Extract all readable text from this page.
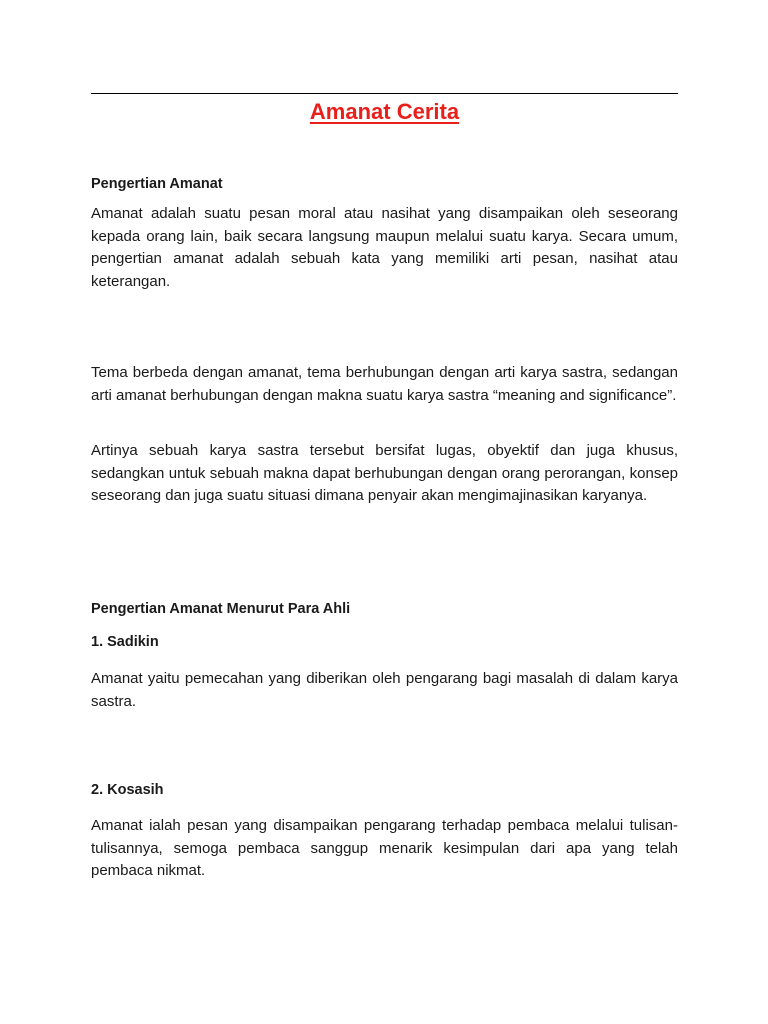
Amanat Cerita
Pengertian Amanat
Amanat adalah suatu pesan moral atau nasihat yang disampaikan oleh seseorang kepada orang lain, baik secara langsung maupun melalui suatu karya. Secara umum, pengertian amanat adalah sebuah kata yang memiliki arti pesan, nasihat atau keterangan.
Tema berbeda dengan amanat, tema berhubungan dengan arti karya sastra, sedangan arti amanat berhubungan dengan makna suatu karya sastra “meaning and significance”.
Artinya sebuah karya sastra tersebut bersifat lugas, obyektif dan juga khusus, sedangkan untuk sebuah makna dapat berhubungan dengan orang perorangan, konsep seseorang dan juga suatu situasi dimana penyair akan mengimajinasikan karyanya.
Pengertian Amanat Menurut Para Ahli
1. Sadikin
Amanat yaitu pemecahan yang diberikan oleh pengarang bagi masalah di dalam karya sastra.
2. Kosasih
Amanat ialah pesan yang disampaikan pengarang terhadap pembaca melalui tulisan-tulisannya, semoga pembaca sanggup menarik kesimpulan dari apa yang telah pembaca nikmat.
